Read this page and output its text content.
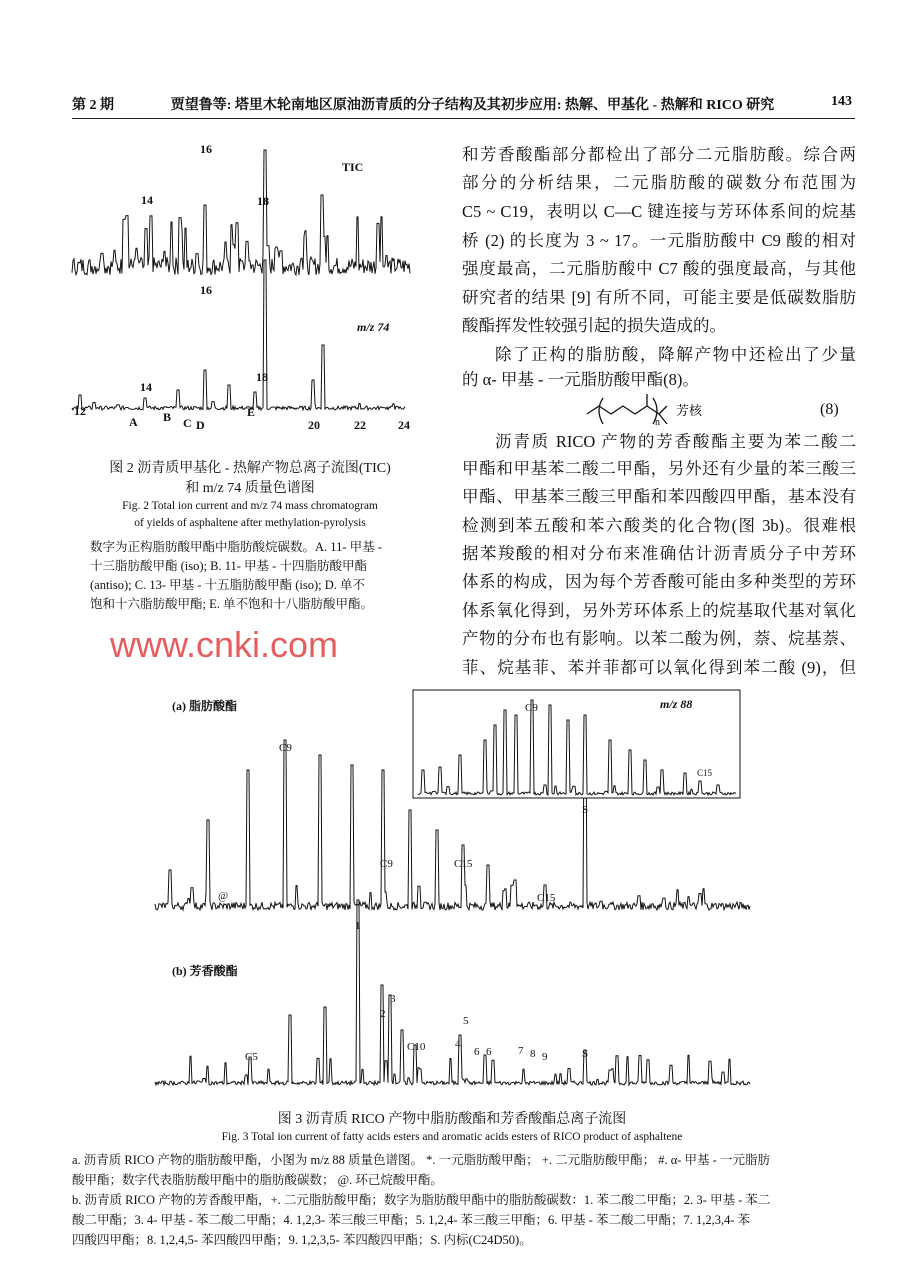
第 2 期	贾望鲁等: 塔里木轮南地区原油沥青质的分子结构及其初步应用: 热解、甲基化 - 热解和 RICO 研究	143
TIC
m/z 74
14
16
18
12
A
14
B C D
16
E
18
20	22	24
图 2 沥青质甲基化 - 热解产物总离子流图(TIC)
和 m/z 74 质量色谱图
Fig. 2 Total ion current and m/z 74 mass chromatogram
of yields of asphaltene after methylation-pyrolysis
数字为正构脂肪酸甲酯中脂肪酸烷碳数。A. 11- 甲基 -
十三脂肪酸甲酯 (iso); B. 11- 甲基 - 十四脂肪酸甲酯
(antiso); C. 13- 甲基 - 十五脂肪酸甲酯 (iso); D. 单不
饱和十六脂肪酸甲酯; E. 单不饱和十八脂肪酸甲酯。
和芳香酸酯部分都检出了部分二元脂肪酸。综合两
部分的分析结果，二元脂肪酸的碳数分布范围为
C5 ~ C19，表明以 C—C 键连接与芳环体系间的烷基
桥 (2) 的长度为 3 ~ 17。一元脂肪酸中 C9 酸的相对
强度最高，二元脂肪酸中 C7 酸的强度最高，与其他
研究者的结果 [9] 有所不同，可能主要是低碳数脂肪
酸酯挥发性较强引起的损失造成的。
除了正构的脂肪酸，降解产物中还检出了少量
的 α- 甲基 - 一元脂肪酸甲酯(8)。
芳核
n
(8)
沥青质 RICO 产物的芳香酸酯主要为苯二酸二
甲酯和甲基苯二酸二甲酯，另外还有少量的苯三酸三
甲酯、甲基苯三酸三甲酯和苯四酸四甲酯，基本没有
检测到苯五酸和苯六酸类的化合物(图 3b)。很难根
据苯羧酸的相对分布来准确估计沥青质分子中芳环
体系的构成，因为每个芳香酸可能由多种类型的芳环
体系氧化得到，另外芳环体系上的烷基取代基对氧化
产物的分布也有影响。以苯二酸为例，萘、烷基萘、
菲、烷基菲、苯并菲都可以氧化得到苯二酸 (9)，但
(a) 脂肪酸酯
(b) 芳香酸酯
m/z 88
C9
C9	C15
C15
S
@
C9
C15
1
2
3
4
5
6 6 7 8 9	S
C5
C10
图 3 沥青质 RICO 产物中脂肪酸酯和芳香酸酯总离子流图
Fig. 3 Total ion current of fatty acids esters and aromatic acids esters of RICO product of asphaltene
a. 沥青质 RICO 产物的脂肪酸甲酯，小图为 m/z 88 质量色谱图。 *. 一元脂肪酸甲酯； +. 二元脂肪酸甲酯； #. α- 甲基 - 一元脂肪
酸甲酯；数字代表脂肪酸甲酯中的脂肪酸碳数； @. 环己烷酸甲酯。
b. 沥青质 RICO 产物的芳香酸甲酯，+. 二元脂肪酸甲酯；数字为脂肪酸甲酯中的脂肪酸碳数：1. 苯二酸二甲酯；2. 3- 甲基 - 苯二
酸二甲酯；3. 4- 甲基 - 苯二酸二甲酯；4. 1,2,3- 苯三酸三甲酯；5. 1,2,4- 苯三酸三甲酯；6. 甲基 - 苯二酸二甲酯；7. 1,2,3,4- 苯
四酸四甲酯；8. 1,2,4,5- 苯四酸四甲酯；9. 1,2,3,5- 苯四酸四甲酯；S. 内标(C24D50)。
www.cnki.com
